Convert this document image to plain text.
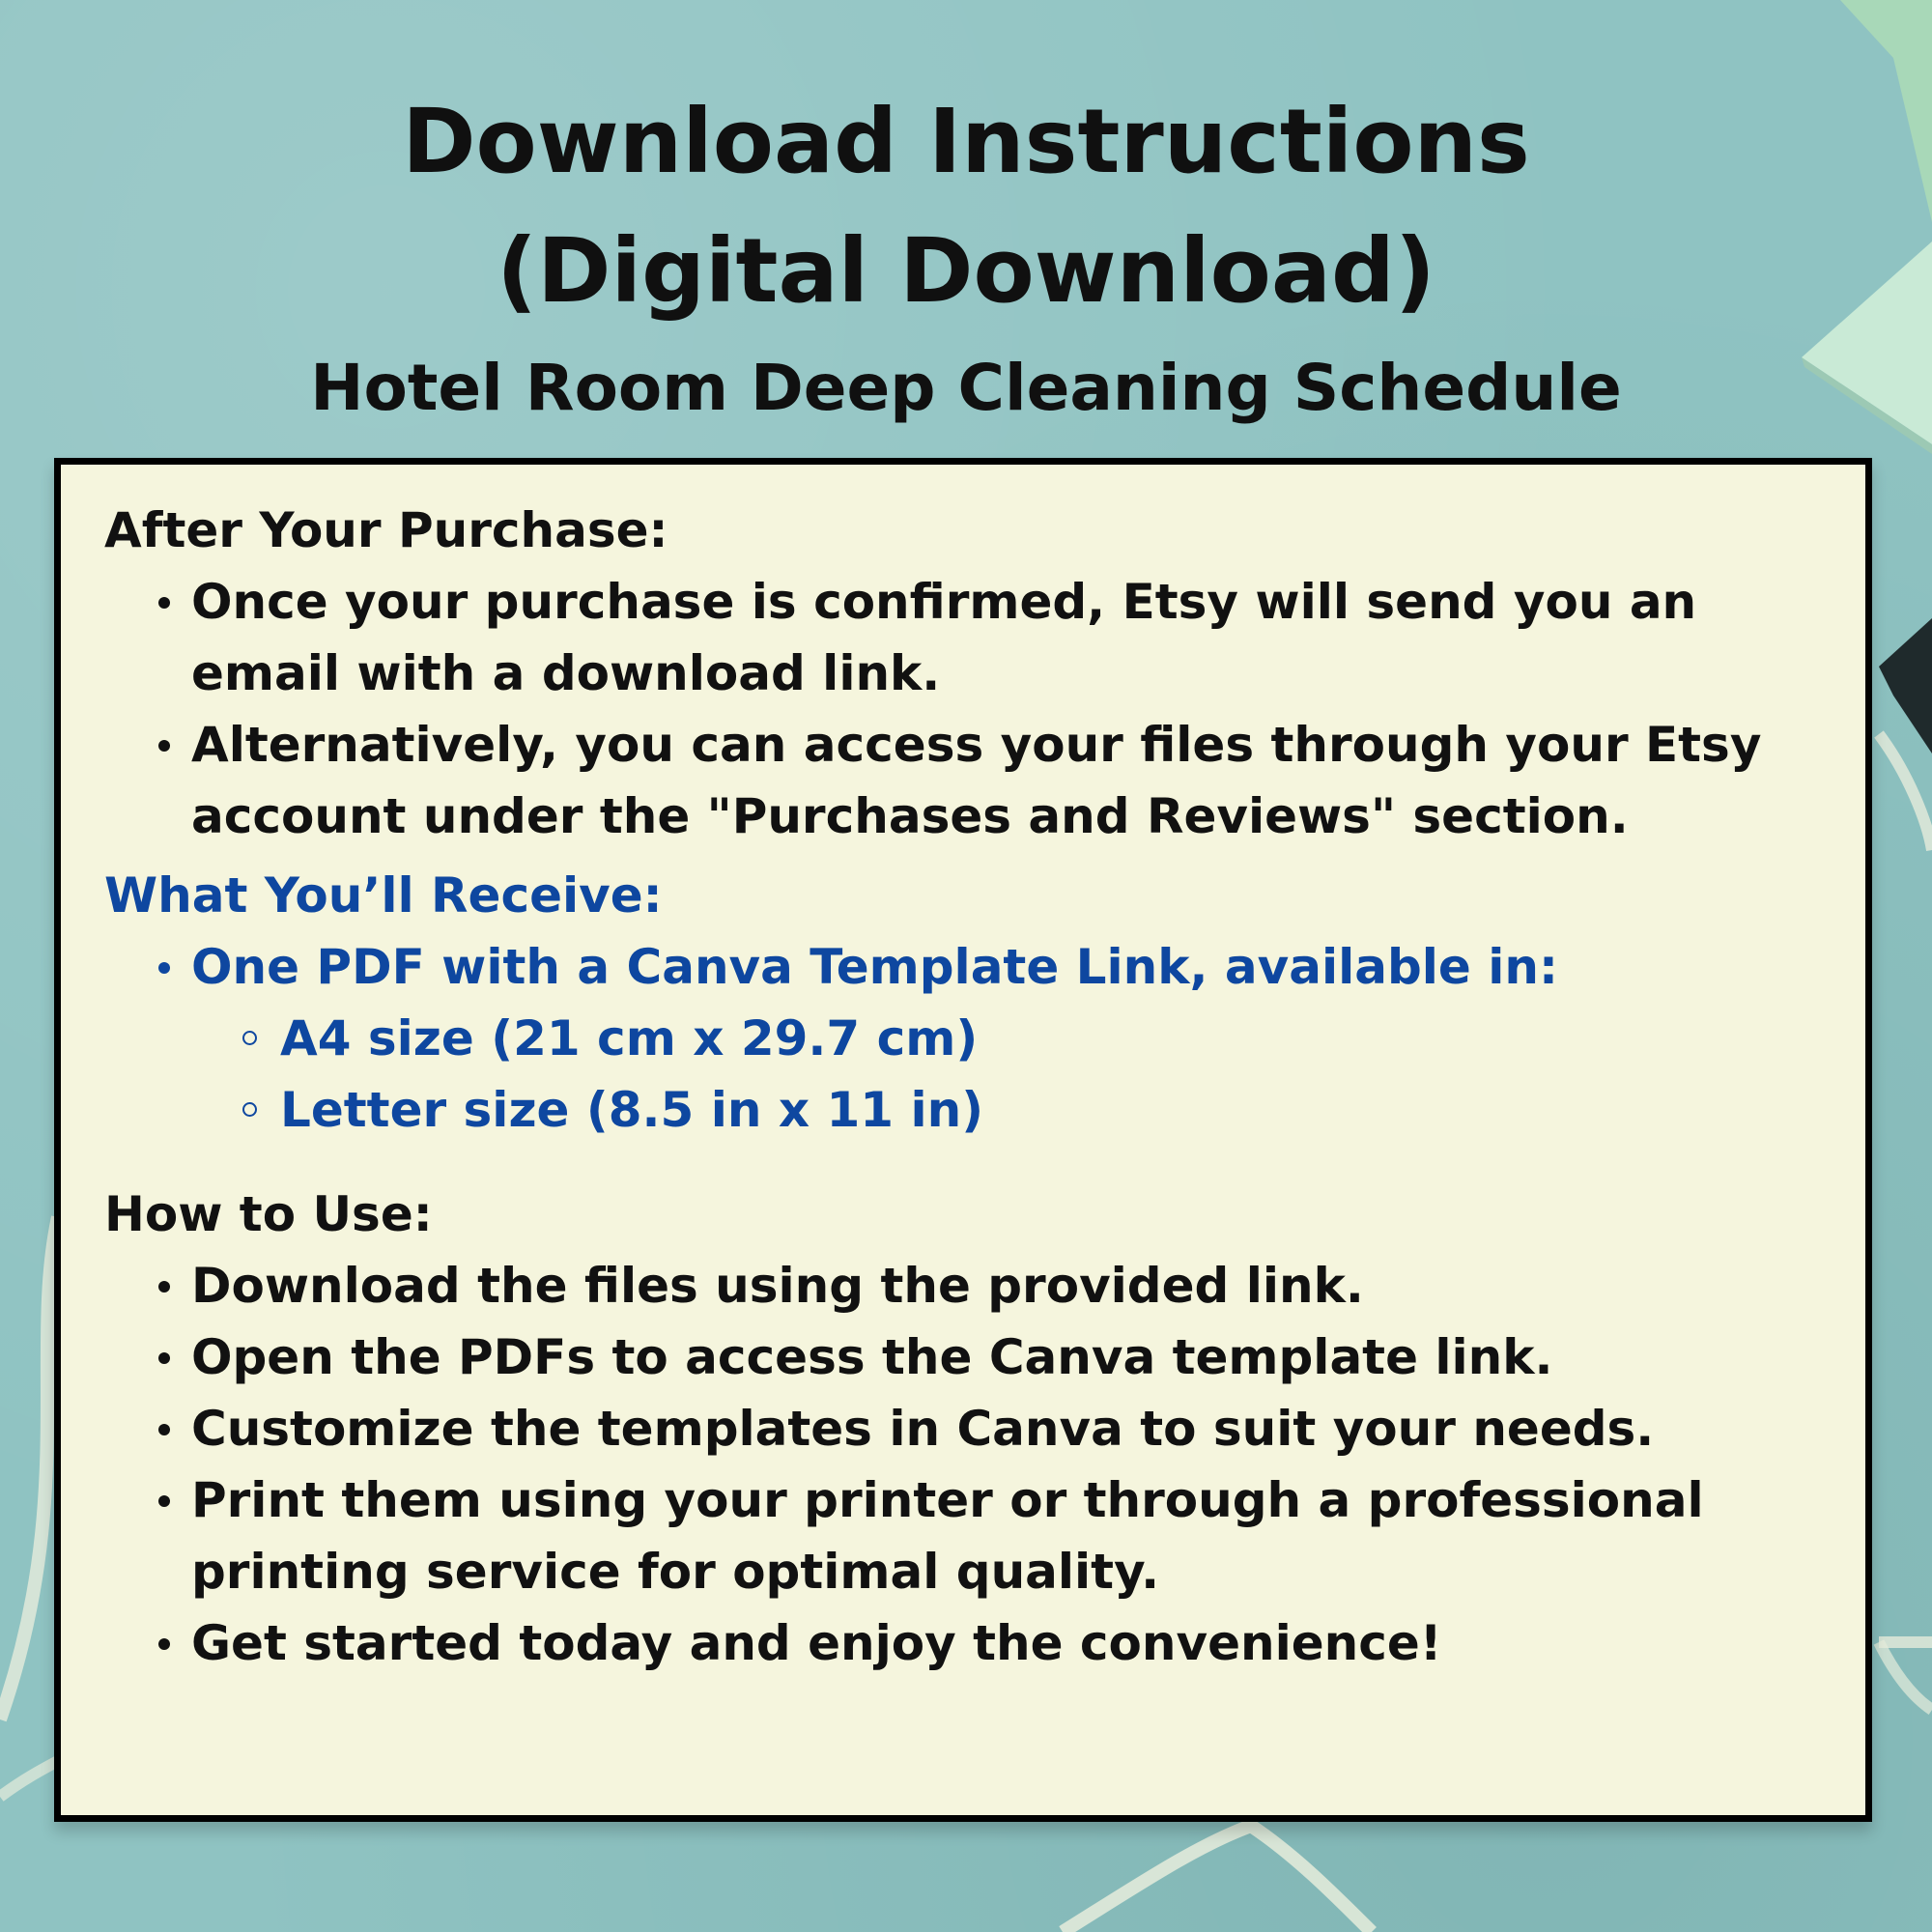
Download Instructions
(Digital Download)
Hotel Room Deep Cleaning Schedule
After Your Purchase:
Once your purchase is confirmed, Etsy will send you an email with a download link.
Alternatively, you can access your files through your Etsy account under the "Purchases and Reviews" section.
What You’ll Receive:
One PDF with a Canva Template Link, available in:
A4 size (21 cm x 29.7 cm)
Letter size (8.5 in x 11 in)
How to Use:
Download the files using the provided link.
Open the PDFs to access the Canva template link.
Customize the templates in Canva to suit your needs.
Print them using your printer or through a professional printing service for optimal quality.
Get started today and enjoy the convenience!
